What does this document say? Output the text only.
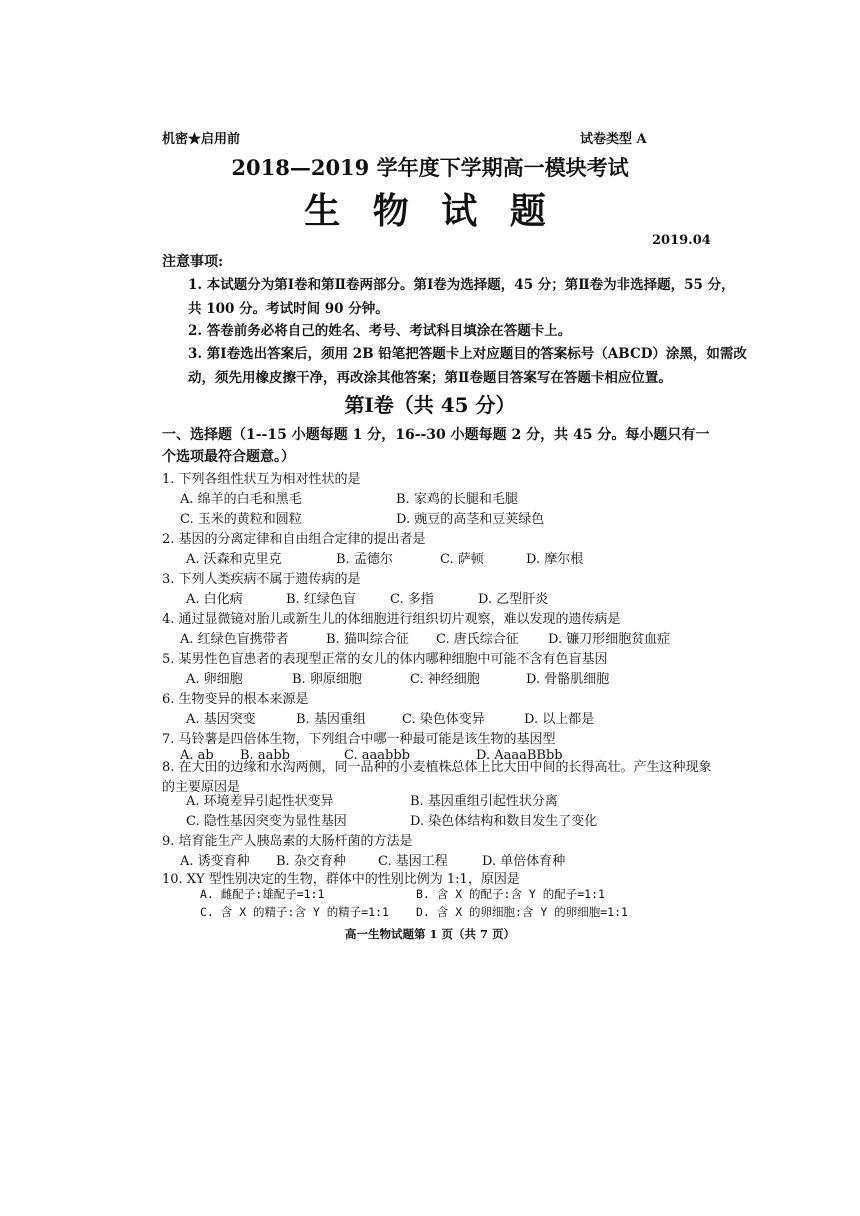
机密★启用前	试卷类型 A
2018—2019 学年度下学期高一模块考试
生 物 试 题
2019.04
注意事项:
1. 本试题分为第Ⅰ卷和第Ⅱ卷两部分。第Ⅰ卷为选择题，45 分；第Ⅱ卷为非选择题，55 分，共 100 分。考试时间 90 分钟。
2. 答卷前务必将自己的姓名、考号、考试科目填涂在答题卡上。
3. 第Ⅰ卷选出答案后，须用 2B 铅笔把答题卡上对应题目的答案标号（ABCD）涂黑，如需改动，须先用橡皮擦干净，再改涂其他答案；第Ⅱ卷题目答案写在答题卡相应位置。
第Ⅰ卷（共 45 分）
一、选择题（1--15 小题每题 1 分，16--30 小题每题 2 分，共 45 分。每小题只有一个选项最符合题意。）
1. 下列各组性状互为相对性状的是
A. 绵羊的白毛和黑毛	B. 家鸡的长腿和毛腿
C. 玉米的黄粒和圆粒	D. 豌豆的高茎和豆荚绿色
2. 基因的分离定律和自由组合定律的提出者是
A. 沃森和克里克	B. 孟德尔	C. 萨顿	D. 摩尔根
3. 下列人类疾病不属于遗传病的是
A. 白化病	B. 红绿色盲	C. 多指	D. 乙型肝炎
4. 通过显微镜对胎儿或新生儿的体细胞进行组织切片观察，难以发现的遗传病是
A. 红绿色盲携带者	B. 猫叫综合征 C. 唐氏综合征 D. 镰刀形细胞贫血症
5. 某男性色盲患者的表现型正常的女儿的体内哪种细胞中可能不含有色盲基因
A. 卵细胞	B. 卵原细胞	C. 神经细胞	D. 骨骼肌细胞
6. 生物变异的根本来源是
A. 基因突变	B. 基因重组	C. 染色体变异	D. 以上都是
7. 马铃薯是四倍体生物，下列组合中哪一种最可能是该生物的基因型
A. ab B. aabb	C. aaabbb	D. AaaaBBbb
8. 在大田的边缘和水沟两侧，同一品种的小麦植株总体上比大田中间的长得高壮。产生这种现象的主要原因是
A. 环境差异引起性状变异	B. 基因重组引起性状分离
C. 隐性基因突变为显性基因	D. 染色体结构和数目发生了变化
9. 培育能生产人胰岛素的大肠杆菌的方法是
A. 诱变育种 B. 杂交育种 C. 基因工程	D. 单倍体育种
10. XY 型性别决定的生物，群体中的性别比例为 1:1，原因是
A. 雌配子:雄配子=1:1	B. 含 X 的配子:含 Y 的配子=1:1
C. 含 X 的精子:含 Y 的精子=1:1 D. 含 X 的卵细胞:含 Y 的卵细胞=1:1
高一生物试题第 1 页（共 7 页）
